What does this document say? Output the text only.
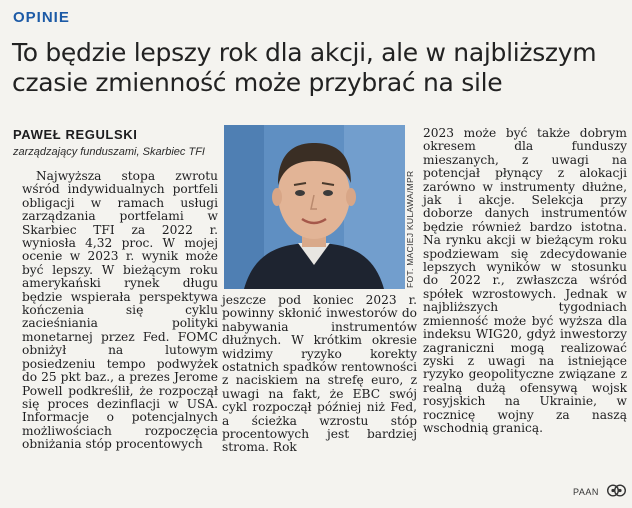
OPINIE
To będzie lepszy rok dla akcji, ale w najbliższym czasie zmienność może przybrać na sile
PAWEŁ REGULSKI
zarządzający funduszami, Skarbiec TFI
FOT. MACIEJ KULAWA/MPR

Najwyższa stopa zwrotu wśród indywidualnych portfeli obligacji w ramach usługi zarządzania portfelami w Skarbiec TFI za 2022 r. wyniosła 4,32 proc. W mojej ocenie w 2023 r. wynik może być lepszy. W bieżącym roku amerykański rynek długu będzie wspierała perspektywa kończenia się cyklu zacieśniania polityki monetarnej przez Fed. FOMC obniżył na lutowym posiedzeniu tempo podwyżek do 25 pkt baz., a prezes Jerome Powell podkreślił, że rozpoczął się proces dezinflacji w USA. Informacje o potencjalnych możliwościach rozpoczęcia obniżania stóp procentowych

jeszcze pod koniec 2023 r. powinny skłonić inwestorów do nabywania instrumentów dłużnych. W krótkim okresie widzimy ryzyko korekty ostatnich spadków rentowności z naciskiem na strefę euro, z uwagi na fakt, że EBC swój cykl rozpoczął później niż Fed, a ścieżka wzrostu stóp procentowych jest bardziej stroma. Rok

2023 może być także dobrym okresem dla funduszy mieszanych, z uwagi na potencjał płynący z alokacji zarówno w instrumenty dłużne, jak i akcje. Selekcja przy doborze danych instrumentów będzie również bardzo istotna. Na rynku akcji w bieżącym roku spodziewam się zdecydowanie lepszych wyników w stosunku do 2022 r., zwłaszcza wśród spółek wzrostowych. Jednak w najbliższych tygodniach zmienność może być wyższa dla indeksu WIG20, gdyż inwestorzy zagraniczni mogą realizować zyski z uwagi na istniejące ryzyko geopolityczne związane z realną dużą ofensywą wojsk rosyjskich na Ukrainie, w rocznicę wojny za naszą wschodnią granicą.

PAAN
